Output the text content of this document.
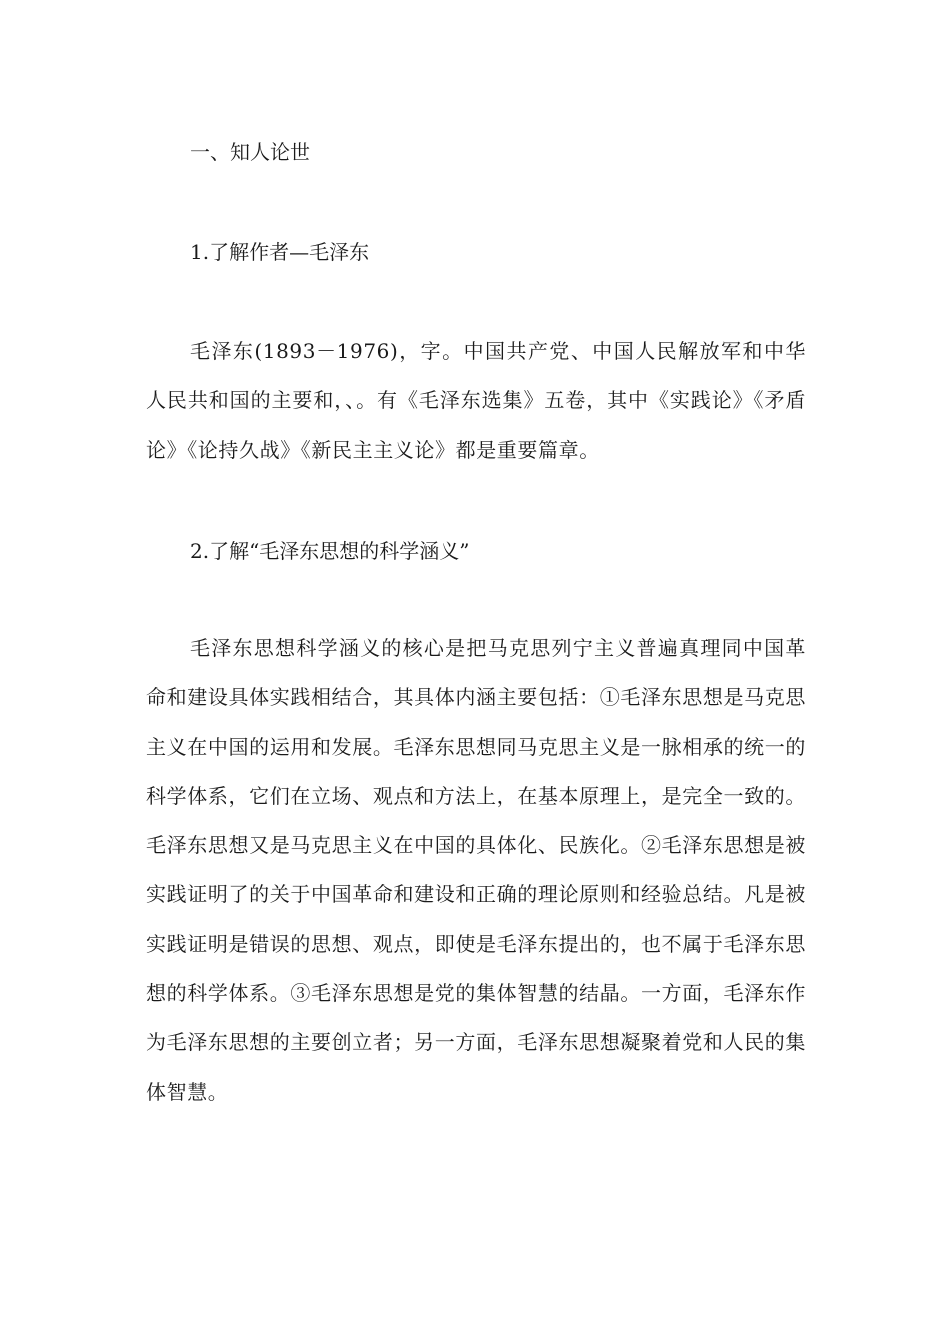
一、知人论世
1.了解作者—毛泽东

毛泽东(1893－1976)，字。中国共产党、中国人民解放军和中华人民共和国的主要和，、。有《毛泽东选集》五卷，其中《实践论》《矛盾论》《论持久战》《新民主主义论》都是重要篇章。

2.了解“毛泽东思想的科学涵义”

毛泽东思想科学涵义的核心是把马克思列宁主义普遍真理同中国革命和建设具体实践相结合，其具体内涵主要包括：①毛泽东思想是马克思主义在中国的运用和发展。毛泽东思想同马克思主义是一脉相承的统一的科学体系，它们在立场、观点和方法上，在基本原理上，是完全一致的。毛泽东思想又是马克思主义在中国的具体化、民族化。②毛泽东思想是被实践证明了的关于中国革命和建设和正确的理论原则和经验总结。凡是被实践证明是错误的思想、观点，即使是毛泽东提出的，也不属于毛泽东思想的科学体系。③毛泽东思想是党的集体智慧的结晶。一方面，毛泽东作为毛泽东思想的主要创立者；另一方面，毛泽东思想凝聚着党和人民的集体智慧。
